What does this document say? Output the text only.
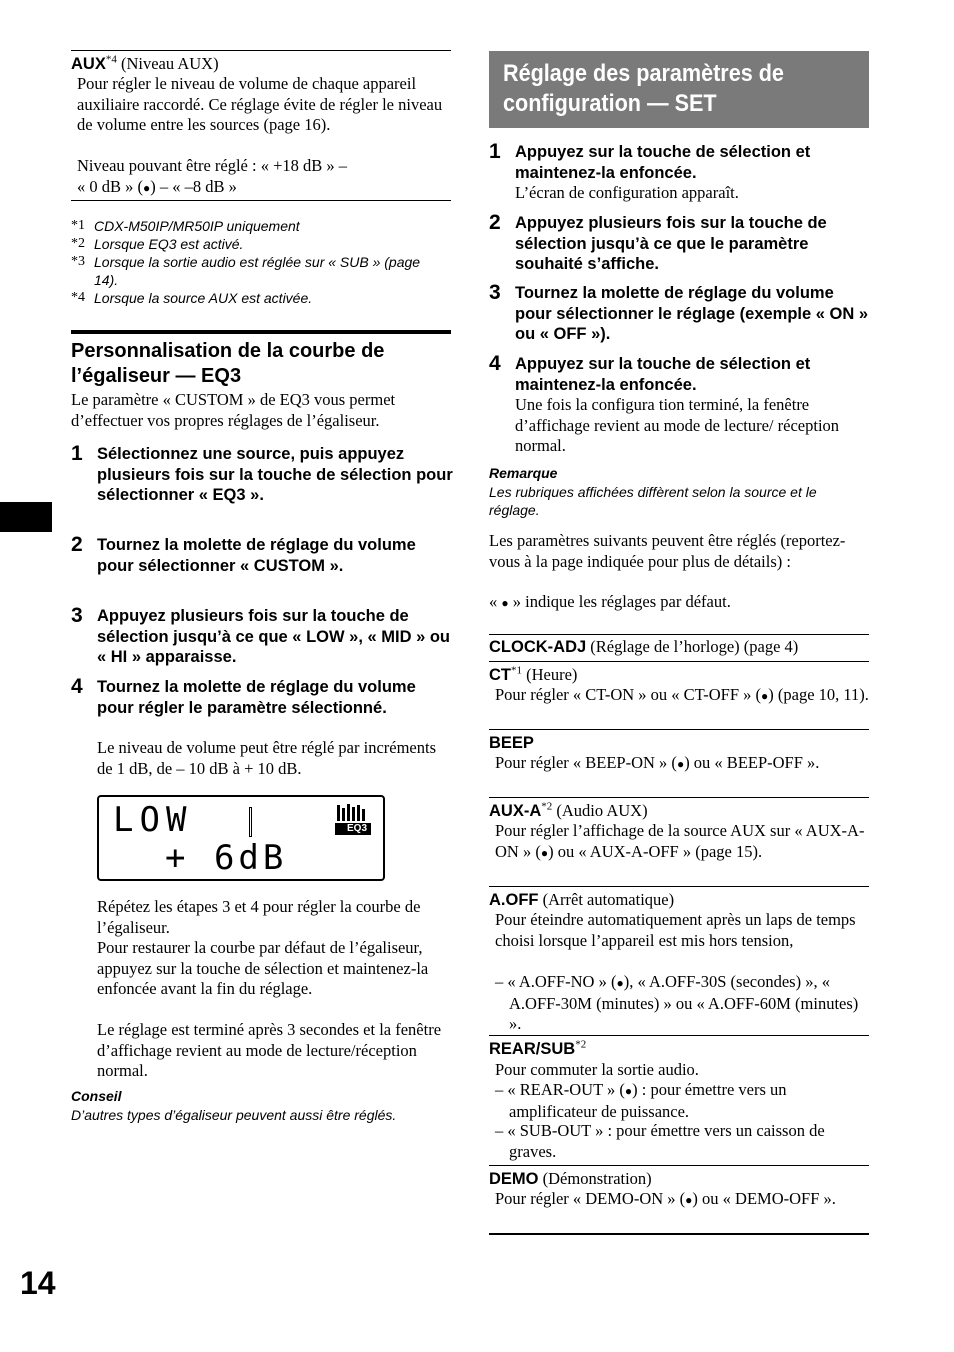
AUX$^{*4}$ (Niveau AUX)
Pour régler le niveau de volume de chaque appareil auxiliaire raccordé. Ce réglage évite de régler le niveau de volume entre les sources (page 16).
Niveau pouvant être réglé : « +18 dB » –
« 0 dB » (●) – « –8 dB »
*1 CDX-M50IP/MR50IP uniquement
*2 Lorsque EQ3 est activé.
*3 Lorsque la sortie audio est réglée sur « SUB » (page 14).
*4 Lorsque la source AUX est activée.
Personnalisation de la courbe de l’égaliseur — EQ3
Le paramètre « CUSTOM » de EQ3 vous permet d’effectuer vos propres réglages de l’égaliseur.
1 Sélectionnez une source, puis appuyez plusieurs fois sur la touche de sélection pour sélectionner « EQ3 ».
2 Tournez la molette de réglage du volume pour sélectionner « CUSTOM ».
3 Appuyez plusieurs fois sur la touche de sélection jusqu’à ce que « LOW », « MID » ou « HI » apparaisse.
4 Tournez la molette de réglage du volume pour régler le paramètre sélectionné.
Le niveau de volume peut être réglé par incréments de 1 dB, de – 10 dB à + 10 dB.
LOW	EQ3
+ 6dB
Répétez les étapes 3 et 4 pour régler la courbe de l’égaliseur.
Pour restaurer la courbe par défaut de l’égaliseur, appuyez sur la touche de sélection et maintenez-la enfoncée avant la fin du réglage.
Le réglage est terminé après 3 secondes et la fenêtre d’affichage revient au mode de lecture/réception normal.
Conseil
D’autres types d’égaliseur peuvent aussi être réglés.
Réglage des paramètres de configuration — SET
1 Appuyez sur la touche de sélection et maintenez-la enfoncée.
L’écran de configuration apparaît.
2 Appuyez plusieurs fois sur la touche de sélection jusqu’à ce que le paramètre souhaité s’affiche.
3 Tournez la molette de réglage du volume pour sélectionner le réglage (exemple « ON » ou « OFF »).
4 Appuyez sur la touche de sélection et maintenez-la enfoncée.
Une fois la configura tion terminé, la fenêtre d’affichage revient au mode de lecture/ réception normal.
Remarque
Les rubriques affichées diffèrent selon la source et le réglage.
Les paramètres suivants peuvent être réglés (reportez-vous à la page indiquée pour plus de détails) :
« ● » indique les réglages par défaut.
CLOCK-ADJ (Réglage de l’horloge) (page 4)
CT$^{*1}$ (Heure)
Pour régler « CT-ON » ou « CT-OFF » (●) (page 10, 11).
BEEP
Pour régler « BEEP-ON » (●) ou « BEEP-OFF ».
AUX-$A^{*2}$ (Audio AUX)
Pour régler l’affichage de la source AUX sur « AUX-A-ON » (●) ou « AUX-A-OFF » (page 15).
A.OFF (Arrêt automatique)
Pour éteindre automatiquement après un laps de temps choisi lorsque l’appareil est mis hors tension,
– « A.OFF-NO » (●), « A.OFF-30S (secondes) », « A.OFF-30M (minutes) » ou « A.OFF-60M (minutes) ».
REAR/SUB$^{*2}$
Pour commuter la sortie audio.
– « REAR-OUT » (●) : pour émettre vers un amplificateur de puissance.
– « SUB-OUT » : pour émettre vers un caisson de graves.
DEMO (Démonstration)
Pour régler « DEMO-ON » (●) ou « DEMO-OFF ».
14
